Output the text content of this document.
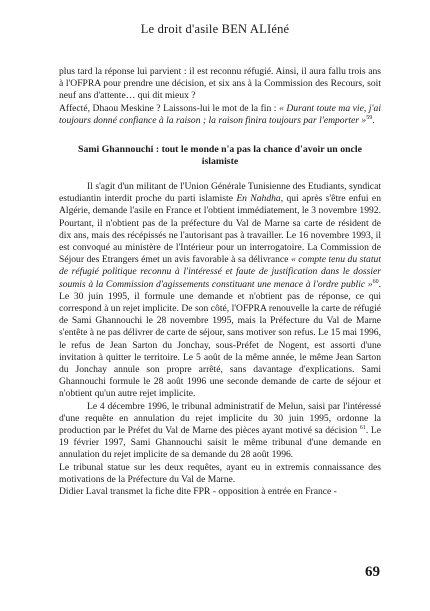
Le droit d'asile BEN ALIéné

plus tard la réponse lui parvient : il est reconnu réfugié. Ainsi, il aura fallu trois ans à l'OFPRA pour prendre une décision, et six ans à la Commission des Recours, soit neuf ans d'attente… qui dit mieux ?

Affecté, Dhaou Meskine ? Laissons-lui le mot de la fin : « Durant toute ma vie, j'ai toujours donné confiance à la raison ; la raison finira toujours par l'emporter »$^{59}$.

Sami Ghannouchi : tout le monde n'a pas la chance d'avoir un oncle islamiste

Il s'agit d'un militant de l'Union Générale Tunisienne des Etudiants, syndicat estudiantin interdit proche du parti islamiste En Nahdha, qui après s'être enfui en Algérie, demande l'asile en France et l'obtient immédiatement, le 3 novembre 1992. Pourtant, il n'obtient pas de la préfecture du Val de Marne sa carte de résident de dix ans, mais des récépissés ne l'autorisant pas à travailler. Le 16 novembre 1993, il est convoqué au ministère de l'Intérieur pour un interrogatoire. La Commission de Séjour des Etrangers émet un avis favorable à sa délivrance « compte tenu du statut de réfugié politique reconnu à l'intéressé et faute de justification dans le dossier soumis à la Commission d'agissements constituant une menace à l'ordre public »$^{60}$. Le 30 juin 1995, il formule une demande et n'obtient pas de réponse, ce qui correspond à un rejet implicite. De son côté, l'OFPRA renouvelle la carte de réfugié de Sami Ghannouchi le 28 novembre 1995, mais la Préfecture du Val de Marne s'entête à ne pas délivrer de carte de séjour, sans motiver son refus. Le 15 mai 1996, le refus de Jean Sarton du Jonchay, sous-Préfet de Nogent, est assorti d'une invitation à quitter le territoire. Le 5 août de la même année, le même Jean Sarton du Jonchay annule son propre arrêté, sans davantage d'explications. Sami Ghannouchi formule le 28 août 1996 une seconde demande de carte de séjour et n'obtient qu'un autre rejet implicite.

Le 4 décembre 1996, le tribunal administratif de Melun, saisi par l'intéressé d'une requête en annulation du rejet implicite du 30 juin 1995, ordonne la production par le Préfet du Val de Marne des pièces ayant motivé sa décision $^{61}$. Le 19 février 1997, Sami Ghannouchi saisit le même tribunal d'une demande en annulation du rejet implicite de sa demande du 28 août 1996.

Le tribunal statue sur les deux requêtes, ayant eu in extremis connaissance des motivations de la Préfecture du Val de Marne.

Didier Laval transmet la fiche dite FPR - opposition à entrée en France -

69
